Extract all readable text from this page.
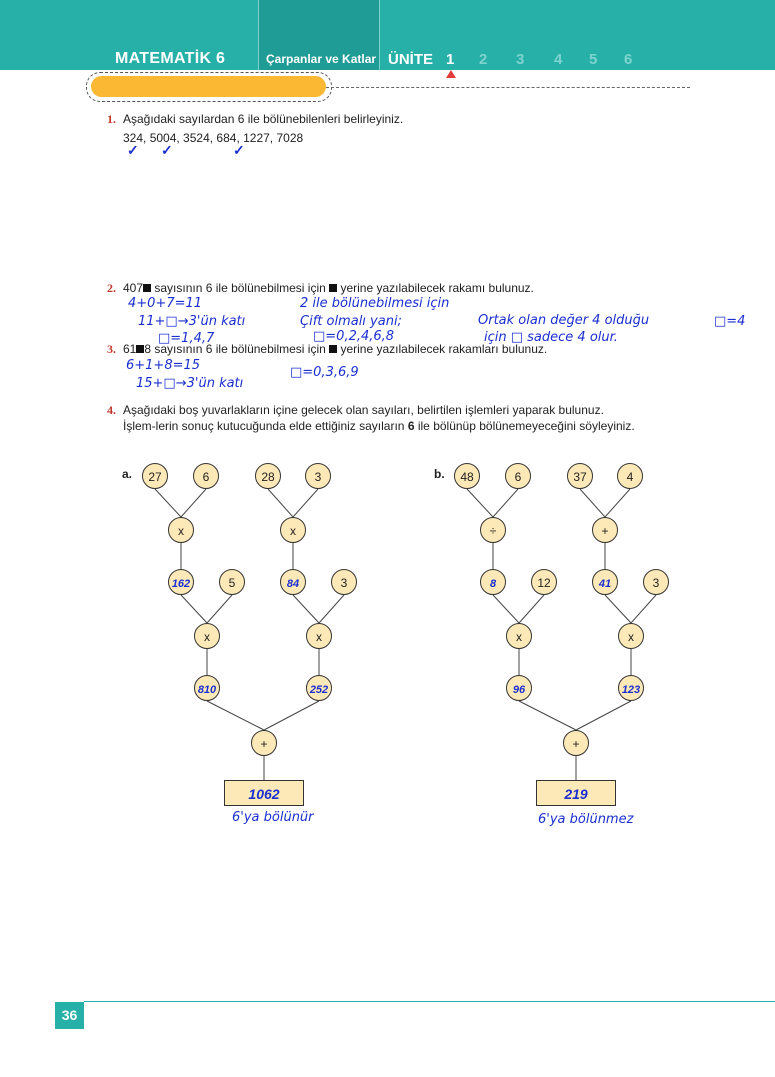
MATEMATİK 6	Çarpanlar ve Katlar ÜNİTE 1 2 3 4 5 6
1. Aşağıdaki sayılardan 6 ile bölünebilenleri belirleyiniz.
324, 5004, 3524, 684, 1227, 7028
✓ ✓	✓
2. 407 sayısının 6 ile bölünebilmesi için  yerine yazılabilecek rakamı bulunuz.
4+0+7=11
11+□→3'ün katı
□=1,4,7
2 ile bölünebilmesi için
Çift olmalı yani;
□=0,2,4,6,8
Ortak olan değer 4 olduğu
için □ sadece 4 olur.
□=4
3. 61 8 sayısının 6 ile bölünebilmesi için  yerine yazılabilecek rakamları bulunuz.
6+1+8=15
15+□→3'ün katı
□=0,3,6,9
4. Aşağıdaki boş yuvarlakların içine gelecek olan sayıları, belirtilen işlemleri yaparak bulunuz.
İşlem-lerin sonuç kutucuğunda elde ettiğiniz sayıların 6 ile bölünüp bölünemeyeceğini söyleyiniz.
a.	27	6	28	3
x	x
162	5	84	3
x	x
810	252
+
1062
6'ya bölünür
b.	48	6	37	4
÷	+
8	12	41	3
x	x
96	123
+
219
6'ya bölünmez
36
